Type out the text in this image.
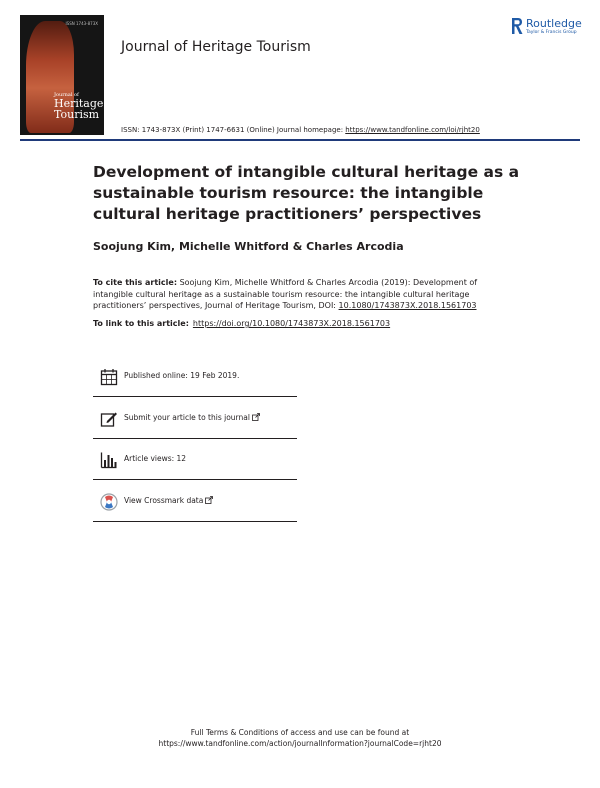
ISSN 1743-873X
Journal of
Heritage
Tourism
Journal of Heritage Tourism
Routledge
Taylor & Francis Group
ISSN: 1743-873X (Print) 1747-6631 (Online) Journal homepage: https://www.tandfonline.com/loi/rjht20
Development of intangible cultural heritage as a sustainable tourism resource: the intangible cultural heritage practitioners’ perspectives
Soojung Kim, Michelle Whitford & Charles Arcodia
To cite this article: Soojung Kim, Michelle Whitford & Charles Arcodia (2019): Development of intangible cultural heritage as a sustainable tourism resource: the intangible cultural heritage practitioners’ perspectives, Journal of Heritage Tourism, DOI: 10.1080/1743873X.2018.1561703
To link to this article: https://doi.org/10.1080/1743873X.2018.1561703
Published online: 19 Feb 2019.
Submit your article to this journal
Article views: 12
View Crossmark data
Full Terms & Conditions of access and use can be found at
https://www.tandfonline.com/action/journalInformation?journalCode=rjht20
